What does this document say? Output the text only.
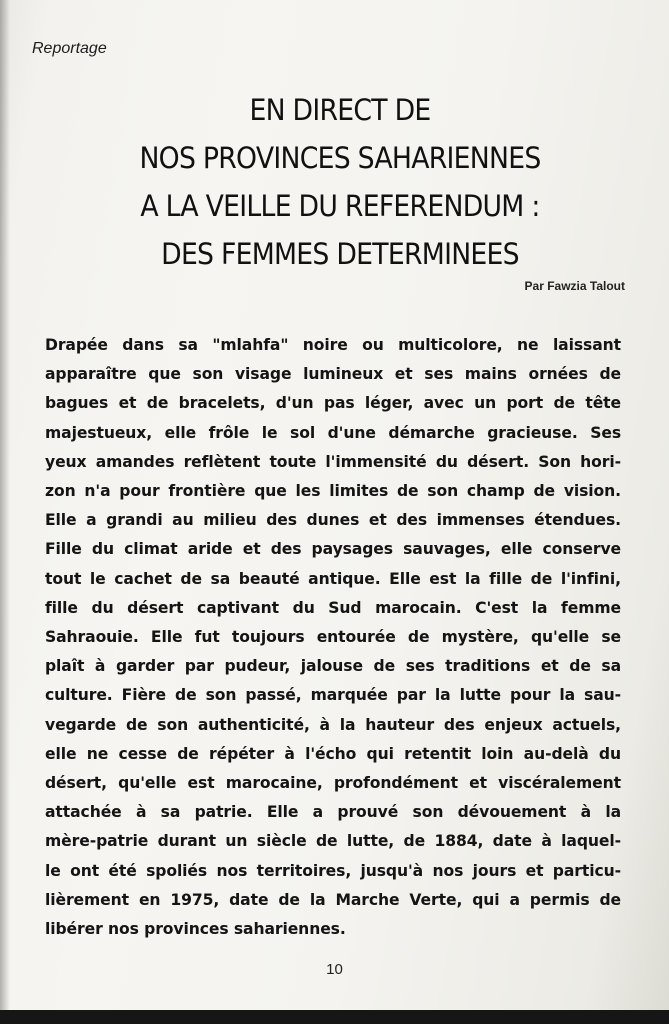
Reportage
EN DIRECT DE
NOS PROVINCES SAHARIENNES
A LA VEILLE DU REFERENDUM :
DES FEMMES DETERMINEES
Par Fawzia Talout
Drapée dans sa "mlahfa" noire ou multicolore, ne laissant
apparaître que son visage lumineux et ses mains ornées de
bagues et de bracelets, d'un pas léger, avec un port de tête
majestueux, elle frôle le sol d'une démarche gracieuse. Ses
yeux amandes reflètent toute l'immensité du désert. Son hori-
zon n'a pour frontière que les limites de son champ de vision.
Elle a grandi au milieu des dunes et des immenses étendues.
Fille du climat aride et des paysages sauvages, elle conserve
tout le cachet de sa beauté antique. Elle est la fille de l'infini,
fille du désert captivant du Sud marocain. C'est la femme
Sahraouie. Elle fut toujours entourée de mystère, qu'elle se
plaît à garder par pudeur, jalouse de ses traditions et de sa
culture. Fière de son passé, marquée par la lutte pour la sau-
vegarde de son authenticité, à la hauteur des enjeux actuels,
elle ne cesse de répéter à l'écho qui retentit loin au-delà du
désert, qu'elle est marocaine, profondément et viscéralement
attachée à sa patrie. Elle a prouvé son dévouement à la
mère-patrie durant un siècle de lutte, de 1884, date à laquel-
le ont été spoliés nos territoires, jusqu'à nos jours et particu-
lièrement en 1975, date de la Marche Verte, qui a permis de
libérer nos provinces sahariennes.
10
